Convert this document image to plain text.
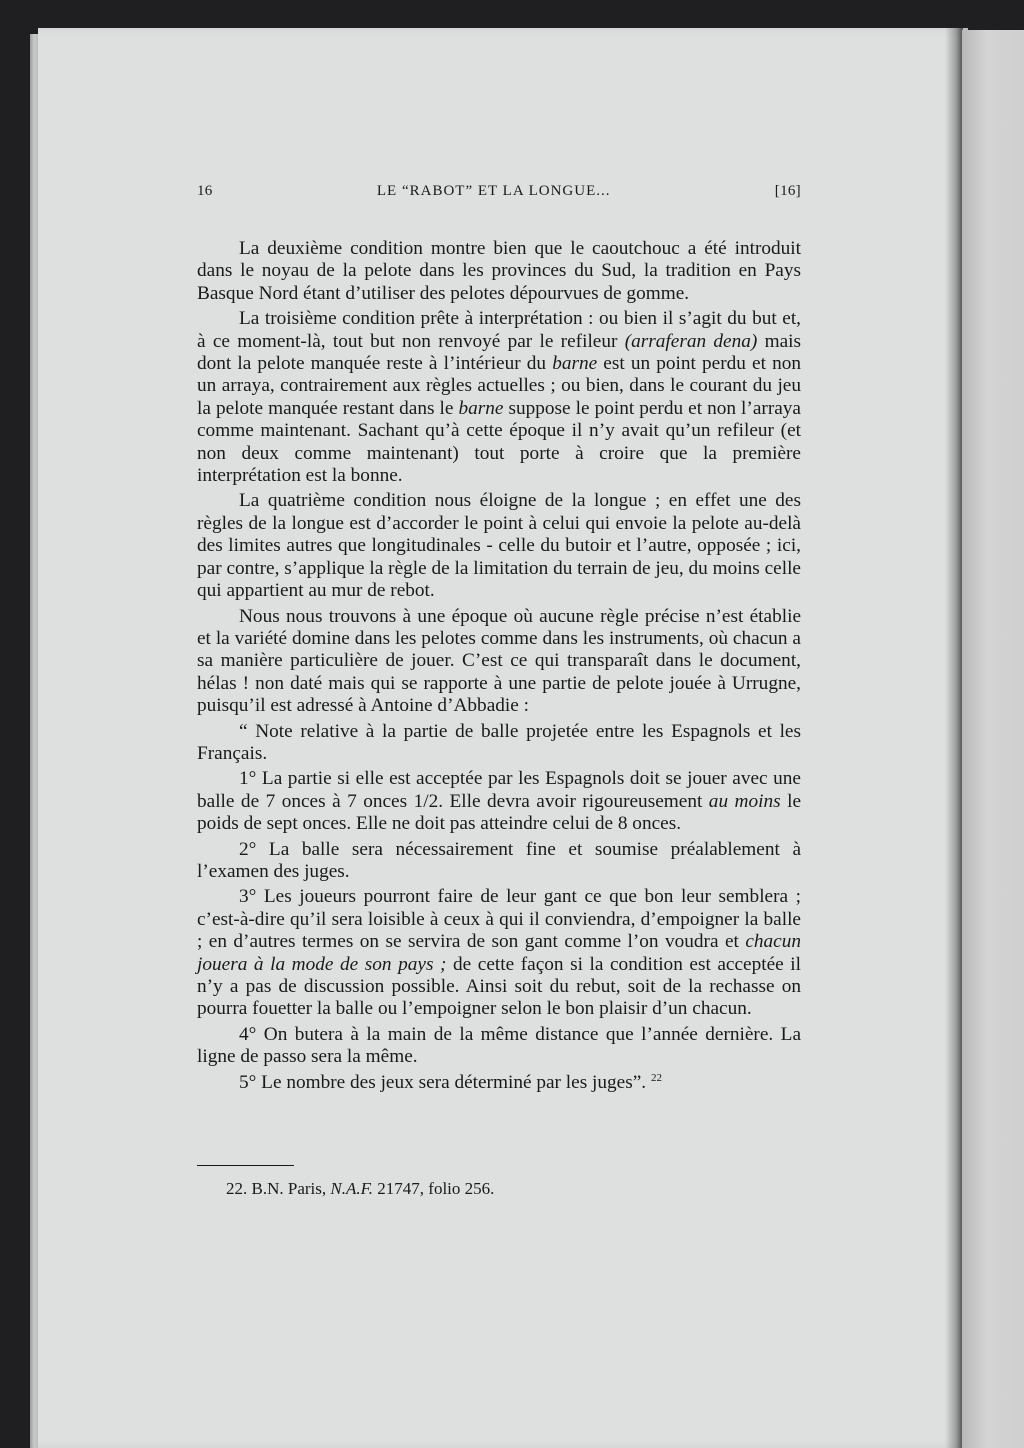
16	LE “RABOT” ET LA LONGUE...	[16]

La deuxième condition montre bien que le caoutchouc a été introduit dans le noyau de la pelote dans les provinces du Sud, la tradition en Pays Basque Nord étant d’utiliser des pelotes dépourvues de gomme.

La troisième condition prête à interprétation : ou bien il s’agit du but et, à ce moment-là, tout but non renvoyé par le refileur (arraferan dena) mais dont la pelote manquée reste à l’intérieur du barne est un point perdu et non un arraya, contrairement aux règles actuelles ; ou bien, dans le courant du jeu la pelote manquée restant dans le barne suppose le point perdu et non l’arraya comme maintenant. Sachant qu’à cette époque il n’y avait qu’un refileur (et non deux comme maintenant) tout porte à croire que la première interprétation est la bonne.

La quatrième condition nous éloigne de la longue ; en effet une des règles de la longue est d’accorder le point à celui qui envoie la pelote au-delà des limites autres que longitudinales - celle du butoir et l’autre, opposée ; ici, par contre, s’applique la règle de la limitation du terrain de jeu, du moins celle qui appartient au mur de rebot.

Nous nous trouvons à une époque où aucune règle précise n’est établie et la variété domine dans les pelotes comme dans les instruments, où chacun a sa manière particulière de jouer. C’est ce qui transparaît dans le document, hélas ! non daté mais qui se rapporte à une partie de pelote jouée à Urrugne, puisqu’il est adressé à Antoine d’Abbadie :

“ Note relative à la partie de balle projetée entre les Espagnols et les Français.

1° La partie si elle est acceptée par les Espagnols doit se jouer avec une balle de 7 onces à 7 onces 1/2. Elle devra avoir rigoureusement au moins le poids de sept onces. Elle ne doit pas atteindre celui de 8 onces.

2° La balle sera nécessairement fine et soumise préalablement à l’examen des juges.

3° Les joueurs pourront faire de leur gant ce que bon leur semblera ; c’est-à-dire qu’il sera loisible à ceux à qui il conviendra, d’empoigner la balle ; en d’autres termes on se servira de son gant comme l’on voudra et chacun jouera à la mode de son pays ; de cette façon si la condition est acceptée il n’y a pas de discussion possible. Ainsi soit du rebut, soit de la rechasse on pourra fouetter la balle ou l’empoigner selon le bon plaisir d’un chacun.

4° On butera à la main de la même distance que l’année dernière. La ligne de passo sera la même.

5° Le nombre des jeux sera déterminé par les juges”. $^{22}$

22. B.N. Paris, N.A.F. 21747, folio 256.
